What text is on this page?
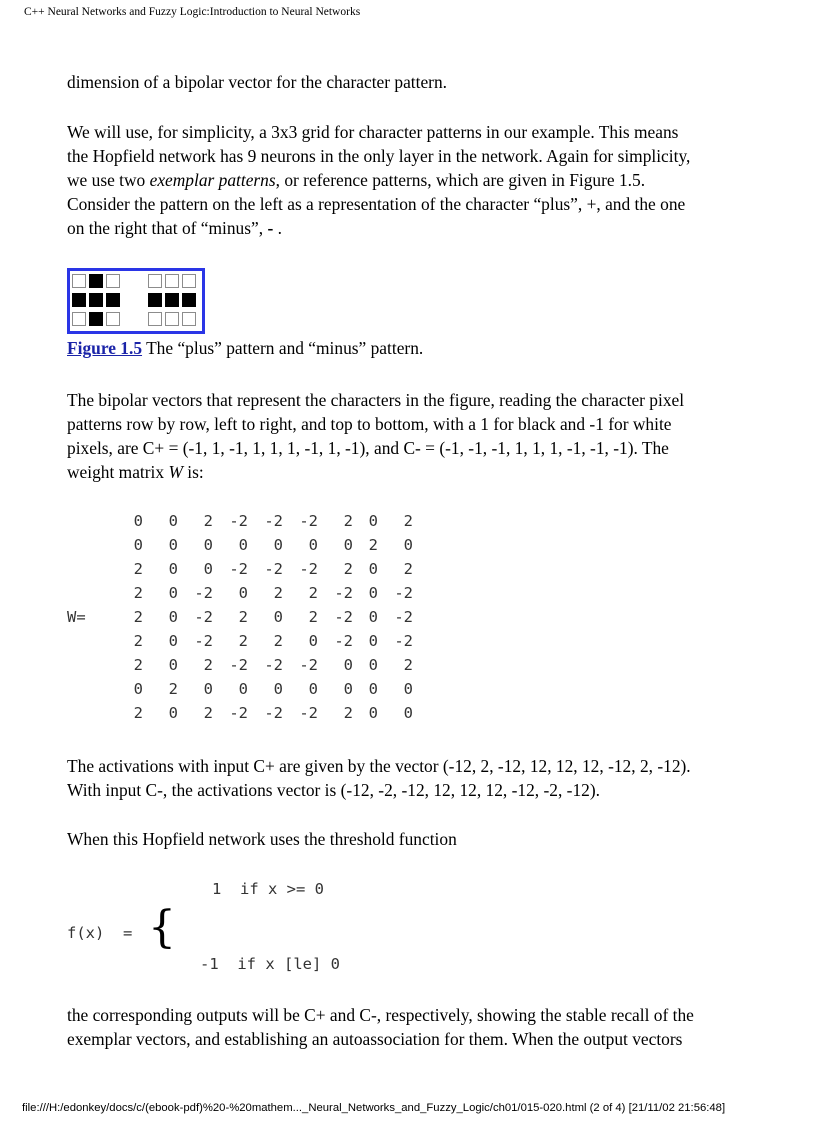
C++ Neural Networks and Fuzzy Logic:Introduction to Neural Networks

dimension of a bipolar vector for the character pattern.

We will use, for simplicity, a 3x3 grid for character patterns in our example. This means
the Hopfield network has 9 neurons in the only layer in the network. Again for simplicity,
we use two exemplar patterns, or reference patterns, which are given in Figure 1.5.
Consider the pattern on the left as a representation of the character “plus”, +, and the one
on the right that of “minus”, - .

Figure 1.5 The “plus” pattern and “minus” pattern.

The bipolar vectors that represent the characters in the figure, reading the character pixel
patterns row by row, left to right, and top to bottom, with a 1 for black and -1 for white
pixels, are C+ = (-1, 1, -1, 1, 1, 1, -1, 1, -1), and C- = (-1, -1, -1, 1, 1, 1, -1, -1, -1). The
weight matrix W is:

W=
0	0	2	-2	-2	-2	2	0	2
0	0	0	0	0	0	0	2	0
2	0	0	-2	-2	-2	2	0	2
2	0	-2	0	2	2	-2	0	-2
2	0	-2	2	0	2	-2	0	-2
2	0	-2	2	2	0	-2	0	-2
2	0	2	-2	-2	-2	0	0	2
0	2	0	0	0	0	0	0	0
2	0	2	-2	-2	-2	2	0	0

The activations with input C+ are given by the vector (-12, 2, -12, 12, 12, 12, -12, 2, -12).
With input C-, the activations vector is (-12, -2, -12, 12, 12, 12, -12, -2, -12).

When this Hopfield network uses the threshold function

1  if x >= 0
f(x)  = {
-1  if x [le] 0

the corresponding outputs will be C+ and C-, respectively, showing the stable recall of the
exemplar vectors, and establishing an autoassociation for them. When the output vectors

file:///H:/edonkey/docs/c/(ebook-pdf)%20-%20mathem..._Neural_Networks_and_Fuzzy_Logic/ch01/015-020.html (2 of 4) [21/11/02 21:56:48]
